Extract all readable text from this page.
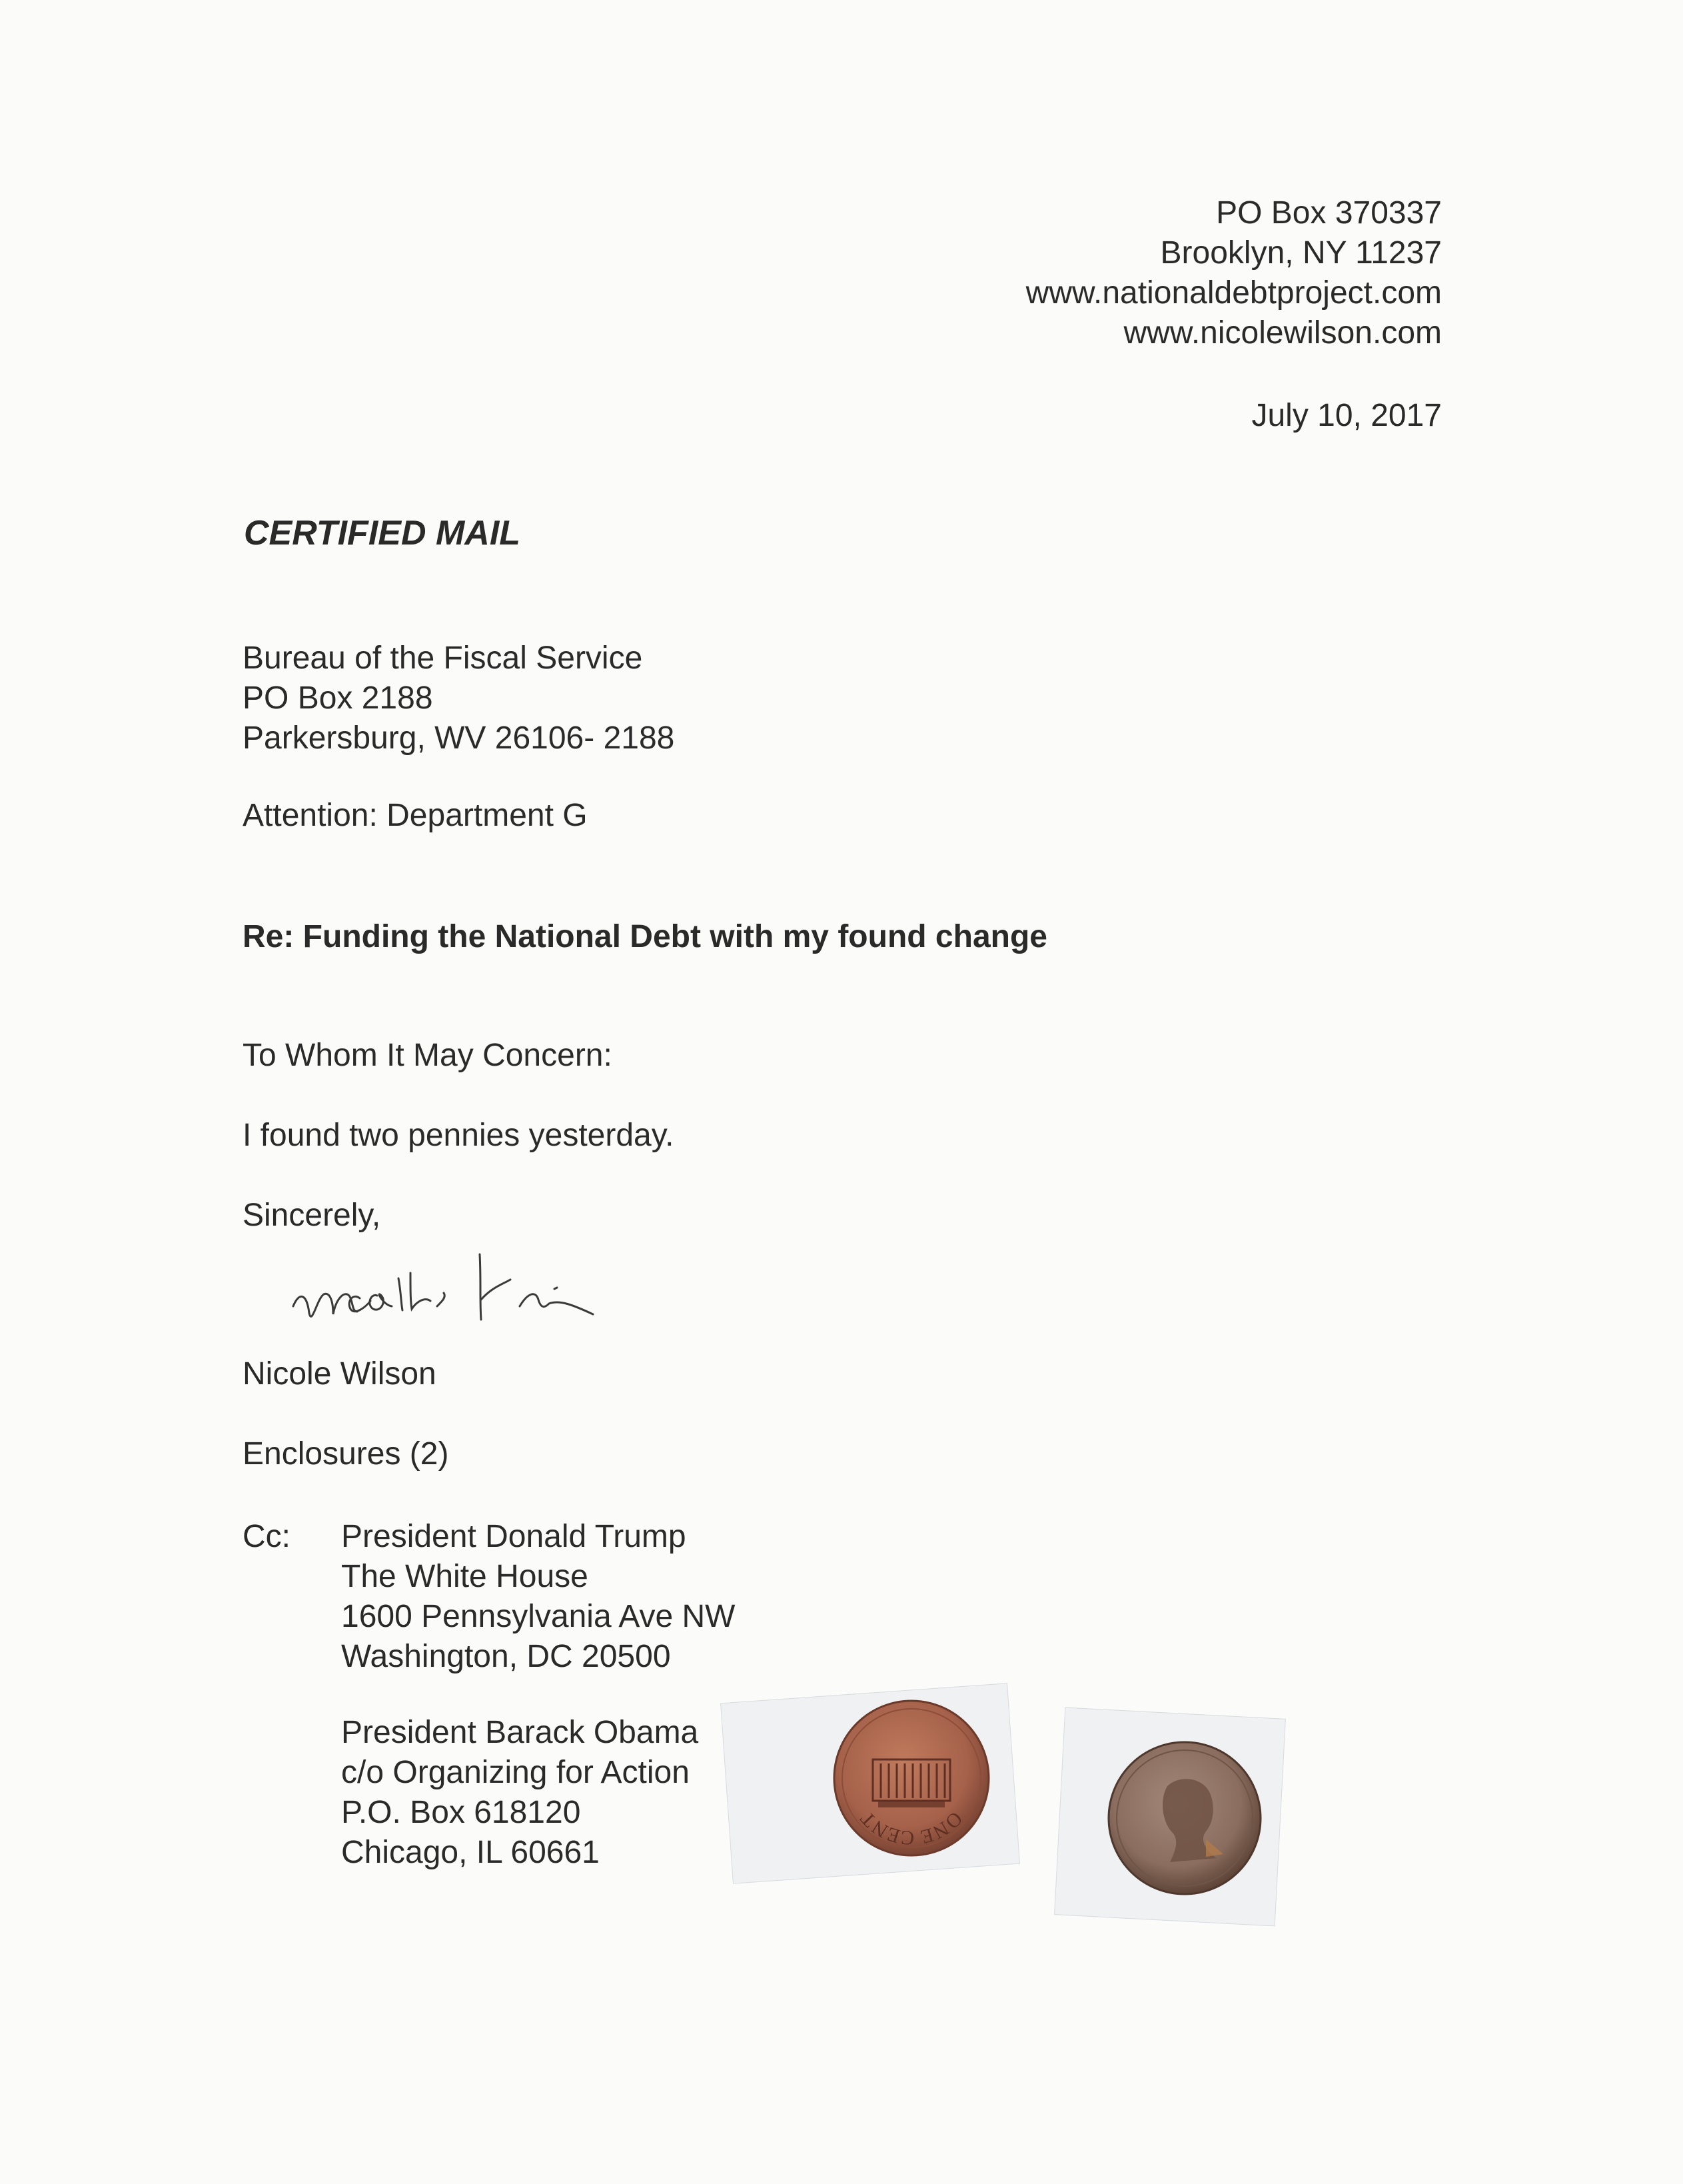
PO Box 370337
Brooklyn, NY 11237
www.nationaldebtproject.com
www.nicolewilson.com
July 10, 2017
CERTIFIED MAIL
Bureau of the Fiscal Service
PO Box 2188
Parkersburg, WV 26106- 2188
Attention: Department G
Re: Funding the National Debt with my found change
To Whom It May Concern:
I found two pennies yesterday.
Sincerely,
Nicole Wilson
Enclosures (2)
Cc: President Donald Trump
The White House
1600 Pennsylvania Ave NW
Washington, DC 20500
President Barack Obama
c/o Organizing for Action
P.O. Box 618120
Chicago, IL 60661
ONE CENT
